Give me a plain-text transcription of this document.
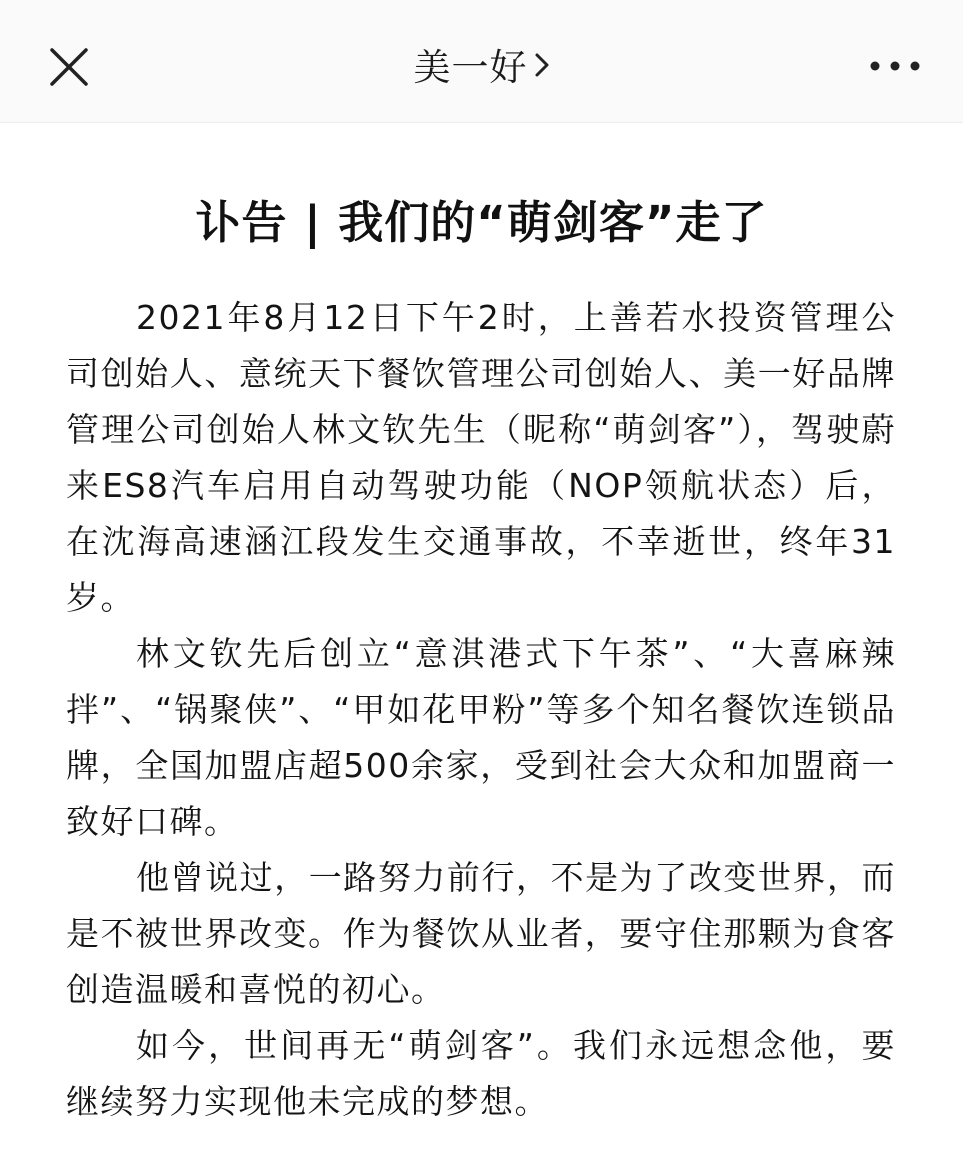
美一好
讣告 | 我们的“萌剑客”走了

2021年8月12日下午2时，上善若水投资管理公司创始人、意统天下餐饮管理公司创始人、美一好品牌管理公司创始人林文钦先生（昵称“萌剑客”），驾驶蔚来ES8汽车启用自动驾驶功能（NOP领航状态）后，在沈海高速涵江段发生交通事故，不幸逝世，终年31岁。

林文钦先后创立“意淇港式下午茶”、“大喜麻辣拌”、“锅聚侠”、“甲如花甲粉”等多个知名餐饮连锁品牌，全国加盟店超500余家，受到社会大众和加盟商一致好口碑。

他曾说过，一路努力前行，不是为了改变世界，而是不被世界改变。作为餐饮从业者，要守住那颗为食客创造温暖和喜悦的初心。

如今，世间再无“萌剑客”。我们永远想念他，要继续努力实现他未完成的梦想。
